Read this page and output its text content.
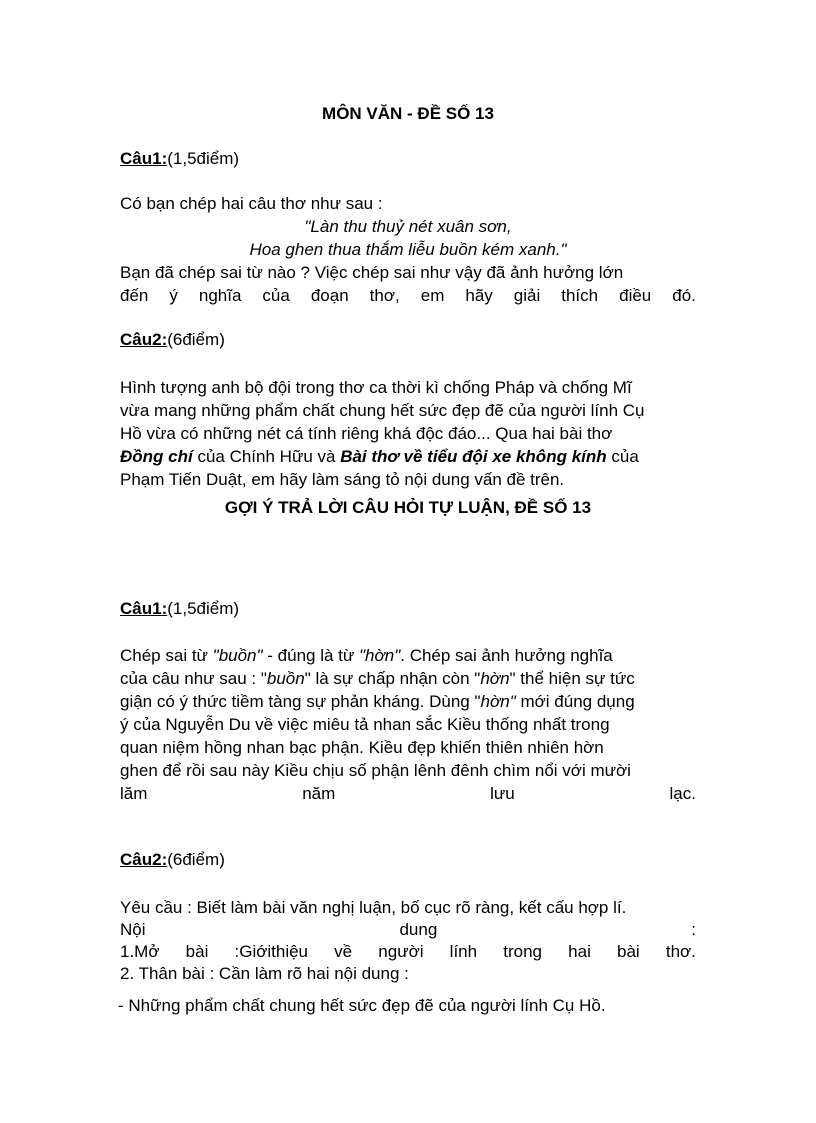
MÔN VĂN - ĐỀ SỐ 13
Câu1:(1,5điểm)
Có bạn chép hai câu thơ như sau :
"Làn thu thuỷ nét xuân sơn,
Hoa ghen thua thắm liễu buồn kém xanh."
Bạn đã chép sai từ nào ? Việc chép sai như vậy đã ảnh hưởng lớn
đến ý nghĩa của đoạn thơ, em hãy giải thích điều đó.
Câu2:(6điểm)
Hình tượng anh bộ đội trong thơ ca thời kì chống Pháp và chống Mĩ
vừa mang những phẩm chất chung hết sức đẹp đẽ của người lính Cụ
Hồ vừa có những nét cá tính riêng khá độc đáo... Qua hai bài thơ
Đồng chí của Chính Hữu và Bài thơ về tiểu đội xe không kính của
Phạm Tiến Duật, em hãy làm sáng tỏ nội dung vấn đề trên.
GỢI Ý TRẢ LỜI CÂU HỎI TỰ LUẬN, ĐỀ SỐ 13
Câu1:(1,5điểm)
Chép sai từ "buồn" - đúng là từ "hờn". Chép sai ảnh hưởng nghĩa
của câu như sau : "buồn" là sự chấp nhận còn "hờn" thể hiện sự tức
giận có ý thức tiềm tàng sự phản kháng. Dùng "hờn" mới đúng dụng
ý của Nguyễn Du về việc miêu tả nhan sắc Kiều thống nhất trong
quan niệm hồng nhan bạc phận. Kiều đẹp khiến thiên nhiên hờn
ghen để rồi sau này Kiều chịu số phận lênh đênh chìm nổi với mười
lăm	năm	lưu	lạc.
Câu2:(6điểm)
Yêu cầu : Biết làm bài văn nghị luận, bố cục rõ ràng, kết cấu hợp lí.
Nội	dung	:
1.Mở bài :Giớithiệu về người lính trong hai bài thơ.
2. Thân bài : Cần làm rõ hai nội dung :
- Những phẩm chất chung hết sức đẹp đẽ của người lính Cụ Hồ.
